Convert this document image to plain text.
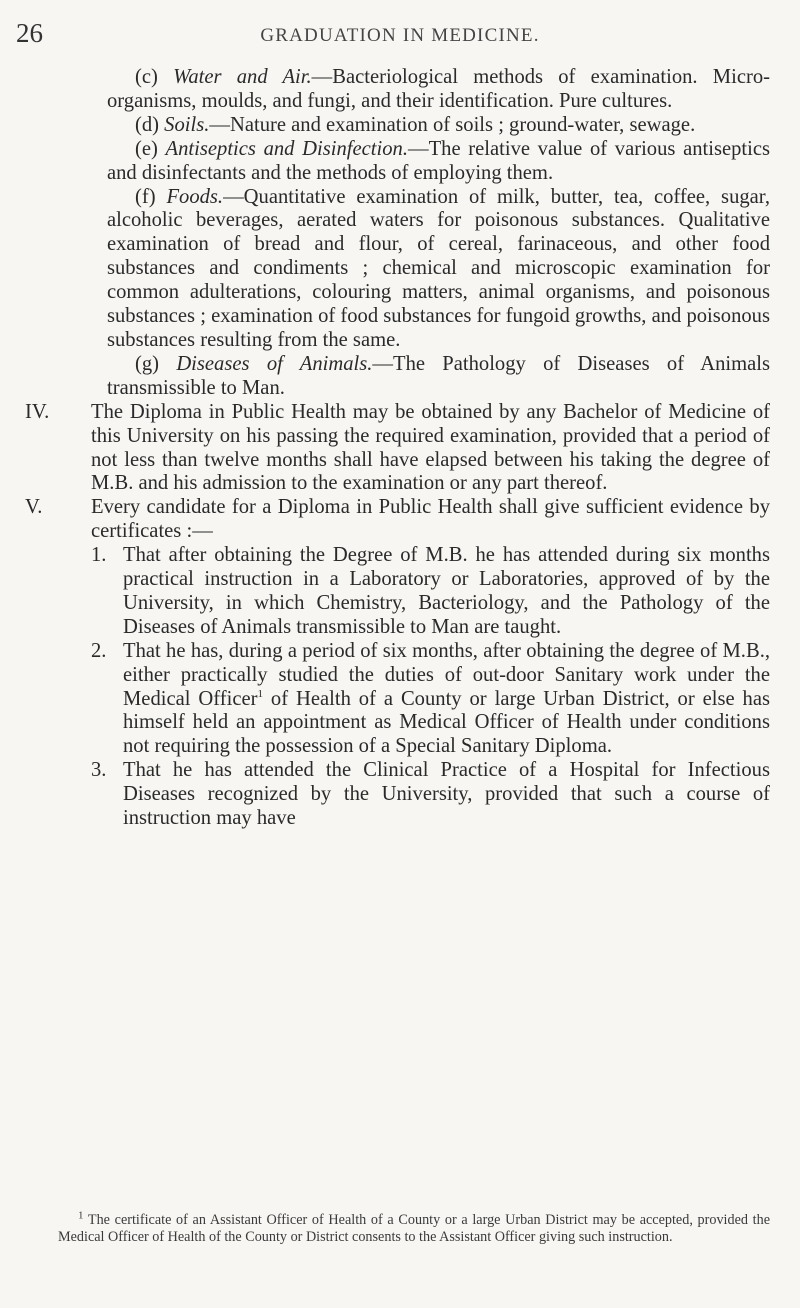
26	GRADUATION IN MEDICINE.

(c) Water and Air.—Bacteriological methods of examination. Micro-organisms, moulds, and fungi, and their identification. Pure cultures.

(d) Soils.—Nature and examination of soils ; ground-water, sewage.

(e) Antiseptics and Disinfection.—The relative value of various antiseptics and disinfectants and the methods of employing them.

(f) Foods.—Quantitative examination of milk, butter, tea, coffee, sugar, alcoholic beverages, aerated waters for poisonous substances. Qualitative examination of bread and flour, of cereal, farinaceous, and other food substances and condiments ; chemical and microscopic examination for common adulterations, colouring matters, animal organisms, and poisonous substances ; examination of food substances for fungoid growths, and poisonous substances resulting from the same.

(g) Diseases of Animals.—The Pathology of Diseases of Animals transmissible to Man.

IV. The Diploma in Public Health may be obtained by any Bachelor of Medicine of this University on his passing the required examination, provided that a period of not less than twelve months shall have elapsed between his taking the degree of M.B. and his admission to the examination or any part thereof.

V. Every candidate for a Diploma in Public Health shall give sufficient evidence by certificates :—

1. That after obtaining the Degree of M.B. he has attended during six months practical instruction in a Laboratory or Laboratories, approved of by the University, in which Chemistry, Bacteriology, and the Pathology of the Diseases of Animals transmissible to Man are taught.

2. That he has, during a period of six months, after obtaining the degree of M.B., either practically studied the duties of out-door Sanitary work under the Medical Officer$^1$ of Health of a County or large Urban District, or else has himself held an appointment as Medical Officer of Health under conditions not requiring the possession of a Special Sanitary Diploma.

3. That he has attended the Clinical Practice of a Hospital for Infectious Diseases recognized by the University, provided that such a course of instruction may have

$^1$ The certificate of an Assistant Officer of Health of a County or a large Urban District may be accepted, provided the Medical Officer of Health of the County or District consents to the Assistant Officer giving such instruction.
